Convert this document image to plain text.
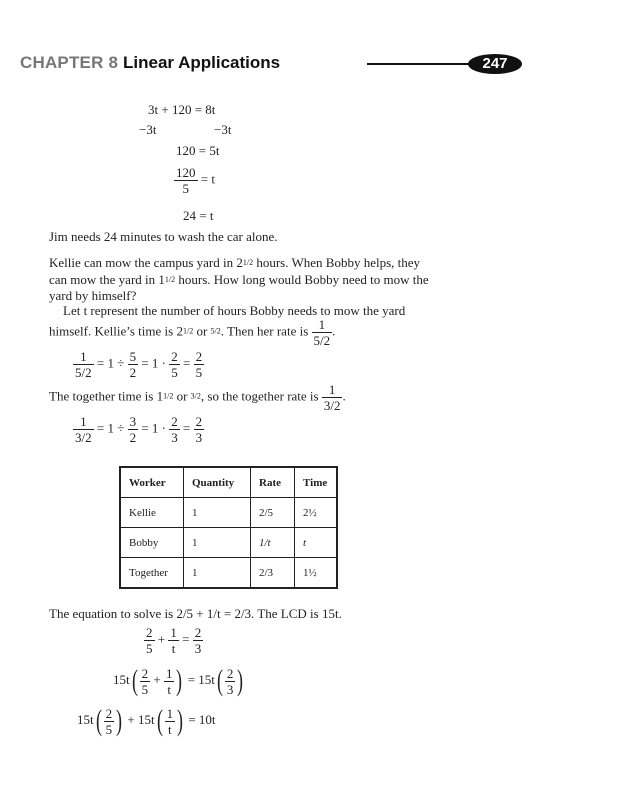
CHAPTER 8 Linear Applications	247
3t + 120 = 8t
−3t	−3t
120 = 5t
$\frac{120}{5} = t$
24 = t
Jim needs 24 minutes to wash the car alone.
Kellie can mow the campus yard in 21/2 hours. When Bobby helps, they
can mow the yard in 11/2 hours. How long would Bobby need to mow the
yard by himself?
Let t represent the number of hours Bobby needs to mow the yard
himself. Kellie’s time is 21/2 or 5/2. Then her rate is $\frac{1}{5/2}$ .
$\frac{1}{5/2} = 1 \div \frac{5}{2} = 1 \cdot \frac{2}{5} = \frac{2}{5}$
The together time is 11/2 or 3/2, so the together rate is $\frac{1}{3/2}$ .
$\frac{1}{3/2} = 1 \div \frac{3}{2} = 1 \cdot \frac{2}{3} = \frac{2}{3}$
Worker	Quantity	Rate	Time
Kellie	1	2/5	2½
Bobby	1	1/t	t
Together	1	2/3	1½
The equation to solve is 2/5 + 1/t = 2/3. The LCD is 15t.
$\frac{2}{5} + \frac{1}{t} = \frac{2}{3}$
$15t( \frac{2}{5} + \frac{1}{t}$ ) = $15t( \frac{2}{3}$ )
$15t( \frac{2}{5}$ ) + $15t( \frac{1}{t}$ ) = 10t
